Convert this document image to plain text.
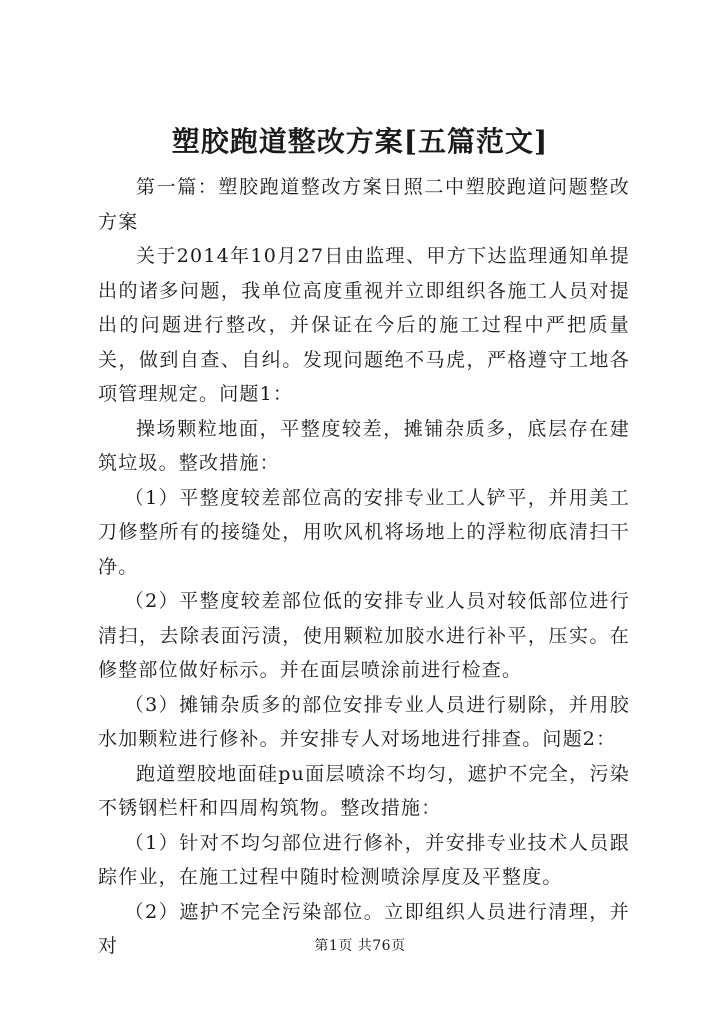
塑胶跑道整改方案[五篇范文]

第一篇：塑胶跑道整改方案日照二中塑胶跑道问题整改方案

关于2014年10月27日由监理、甲方下达监理通知单提出的诸多问题，我单位高度重视并立即组织各施工人员对提出的问题进行整改，并保证在今后的施工过程中严把质量关，做到自查、自纠。发现问题绝不马虎，严格遵守工地各项管理规定。问题1：

操场颗粒地面，平整度较差，摊铺杂质多，底层存在建筑垃圾。整改措施：

（1）平整度较差部位高的安排专业工人铲平，并用美工刀修整所有的接缝处，用吹风机将场地上的浮粒彻底清扫干净。

（2）平整度较差部位低的安排专业人员对较低部位进行清扫，去除表面污渍，使用颗粒加胶水进行补平，压实。在修整部位做好标示。并在面层喷涂前进行检查。

（3）摊铺杂质多的部位安排专业人员进行剔除，并用胶水加颗粒进行修补。并安排专人对场地进行排查。问题2：

跑道塑胶地面硅pu面层喷涂不均匀，遮护不完全，污染不锈钢栏杆和四周构筑物。整改措施：

（1）针对不均匀部位进行修补，并安排专业技术人员跟踪作业，在施工过程中随时检测喷涂厚度及平整度。

（2）遮护不完全污染部位。立即组织人员进行清理，并对	第1页 共76页
